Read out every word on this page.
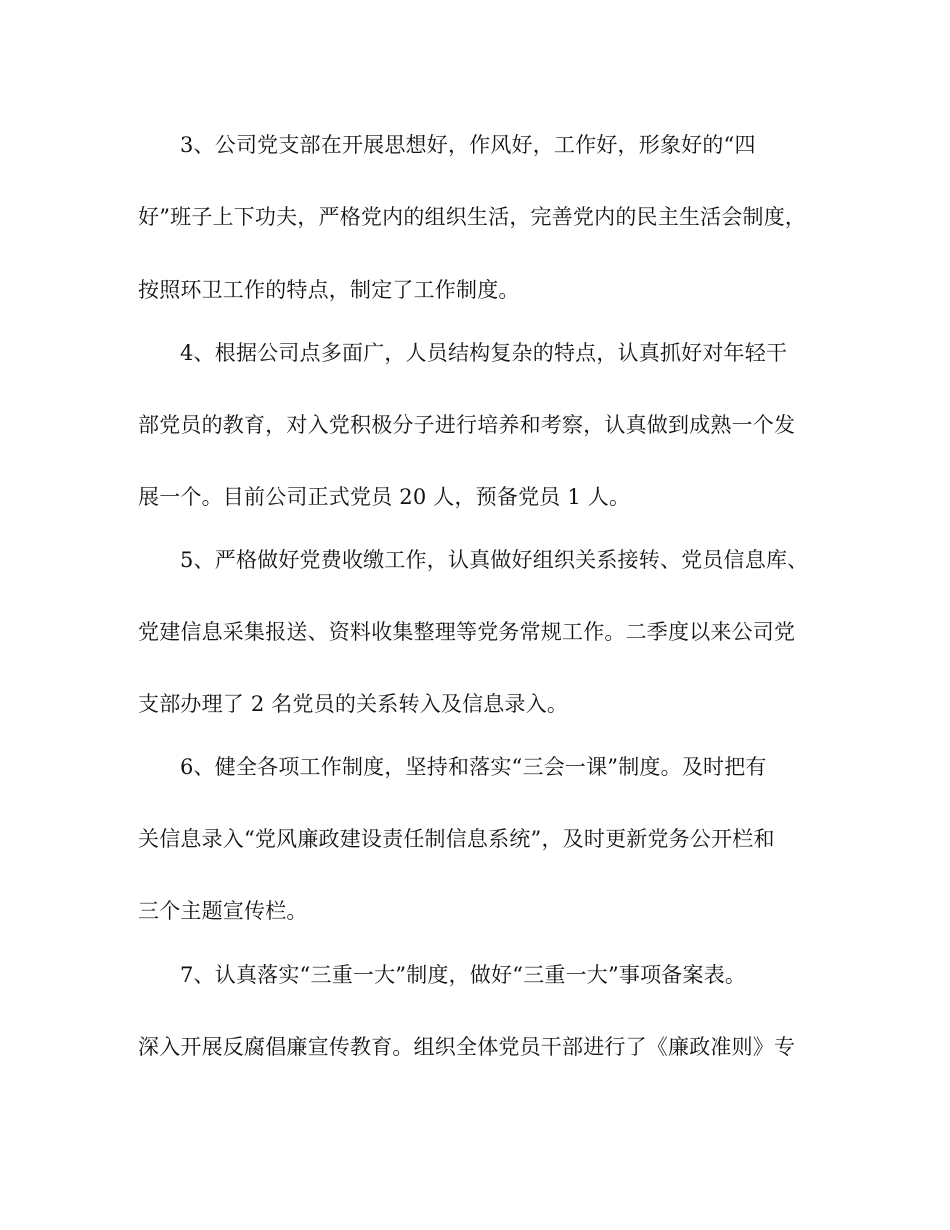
3、公司党支部在开展思想好，作风好，工作好，形象好的“四
好”班子上下功夫，严格党内的组织生活，完善党内的民主生活会制度，
按照环卫工作的特点，制定了工作制度。
4、根据公司点多面广，人员结构复杂的特点，认真抓好对年轻干
部党员的教育，对入党积极分子进行培养和考察，认真做到成熟一个发
展一个。目前公司正式党员 20 人，预备党员 1 人。
5、严格做好党费收缴工作，认真做好组织关系接转、党员信息库、
党建信息采集报送、资料收集整理等党务常规工作。二季度以来公司党
支部办理了 2 名党员的关系转入及信息录入。
6、健全各项工作制度，坚持和落实“三会一课”制度。及时把有
关信息录入“党风廉政建设责任制信息系统”，及时更新党务公开栏和
三个主题宣传栏。
7、认真落实“三重一大”制度，做好“三重一大”事项备案表。
深入开展反腐倡廉宣传教育。组织全体党员干部进行了《廉政准则》专
